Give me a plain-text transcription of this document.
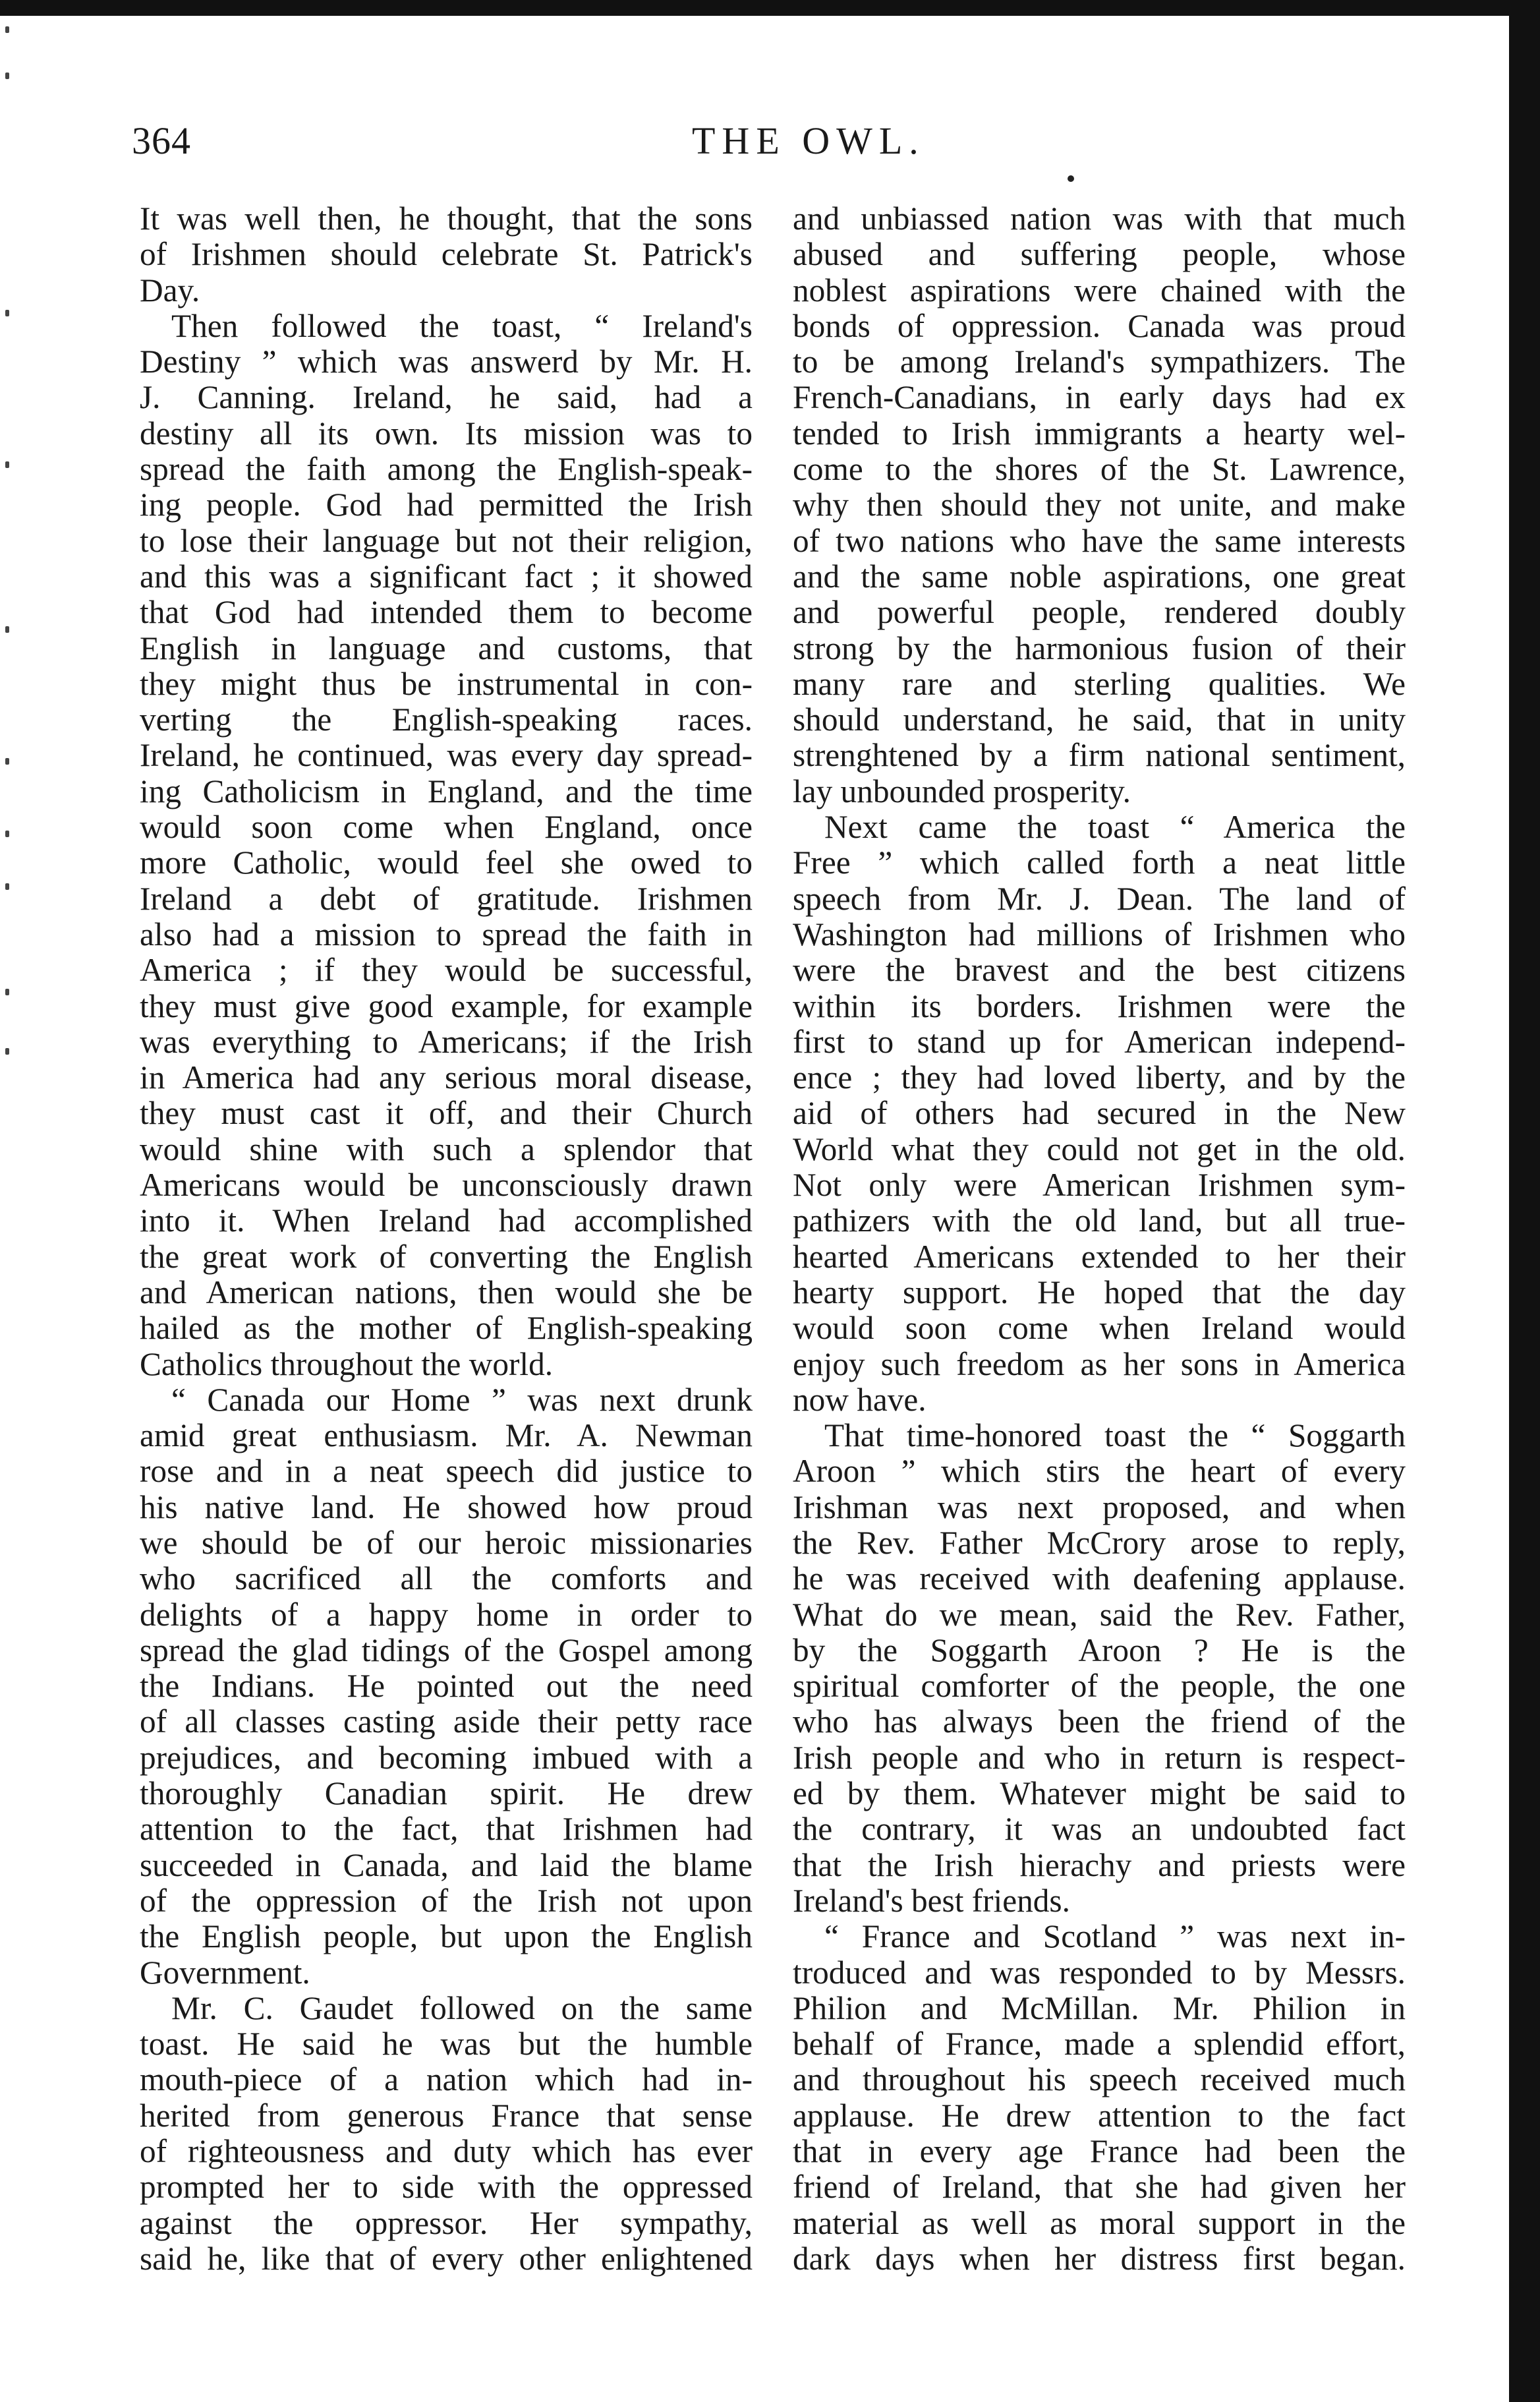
364	THE OWL.
It was well then, he thought, that the sons
of Irishmen should celebrate St. Patrick's
Day.
Then followed the toast, “ Ireland's
Destiny ” which was answerd by Mr. H.
J. Canning. Ireland, he said, had a
destiny all its own. Its mission was to
spread the faith among the English-speak-
ing people. God had permitted the Irish
to lose their language but not their religion,
and this was a significant fact ; it showed
that God had intended them to become
English in language and customs, that
they might thus be instrumental in con-
verting the English-speaking races.
Ireland, he continued, was every day spread-
ing Catholicism in England, and the time
would soon come when England, once
more Catholic, would feel she owed to
Ireland a debt of gratitude. Irishmen
also had a mission to spread the faith in
America ; if they would be successful,
they must give good example, for example
was everything to Americans; if the Irish
in America had any serious moral disease,
they must cast it off, and their Church
would shine with such a splendor that
Americans would be unconsciously drawn
into it. When Ireland had accomplished
the great work of converting the English
and American nations, then would she be
hailed as the mother of English-speaking
Catholics throughout the world.
“ Canada our Home ” was next drunk
amid great enthusiasm. Mr. A. Newman
rose and in a neat speech did justice to
his native land. He showed how proud
we should be of our heroic missionaries
who sacrificed all the comforts and
delights of a happy home in order to
spread the glad tidings of the Gospel among
the Indians. He pointed out the need
of all classes casting aside their petty race
prejudices, and becoming imbued with a
thoroughly Canadian spirit. He drew
attention to the fact, that Irishmen had
succeeded in Canada, and laid the blame
of the oppression of the Irish not upon
the English people, but upon the English
Government.
Mr. C. Gaudet followed on the same
toast. He said he was but the humble
mouth-piece of a nation which had in-
herited from generous France that sense
of righteousness and duty which has ever
prompted her to side with the oppressed
against the oppressor. Her sympathy,
said he, like that of every other enlightened
and unbiassed nation was with that much
abused and suffering people, whose
noblest aspirations were chained with the
bonds of oppression. Canada was proud
to be among Ireland's sympathizers. The
French-Canadians, in early days had ex
tended to Irish immigrants a hearty wel-
come to the shores of the St. Lawrence,
why then should they not unite, and make
of two nations who have the same interests
and the same noble aspirations, one great
and powerful people, rendered doubly
strong by the harmonious fusion of their
many rare and sterling qualities. We
should understand, he said, that in unity
strenghtened by a firm national sentiment,
lay unbounded prosperity.
Next came the toast “ America the
Free ” which called forth a neat little
speech from Mr. J. Dean. The land of
Washington had millions of Irishmen who
were the bravest and the best citizens
within its borders. Irishmen were the
first to stand up for American independ-
ence ; they had loved liberty, and by the
aid of others had secured in the New
World what they could not get in the old.
Not only were American Irishmen sym-
pathizers with the old land, but all true-
hearted Americans extended to her their
hearty support. He hoped that the day
would soon come when Ireland would
enjoy such freedom as her sons in America
now have.
That time-honored toast the “ Soggarth
Aroon ” which stirs the heart of every
Irishman was next proposed, and when
the Rev. Father McCrory arose to reply,
he was received with deafening applause.
What do we mean, said the Rev. Father,
by the Soggarth Aroon ? He is the
spiritual comforter of the people, the one
who has always been the friend of the
Irish people and who in return is respect-
ed by them. Whatever might be said to
the contrary, it was an undoubted fact
that the Irish hierachy and priests were
Ireland's best friends.
“ France and Scotland ” was next in-
troduced and was responded to by Messrs.
Philion and McMillan. Mr. Philion in
behalf of France, made a splendid effort,
and throughout his speech received much
applause. He drew attention to the fact
that in every age France had been the
friend of Ireland, that she had given her
material as well as moral support in the
dark days when her distress first began.
